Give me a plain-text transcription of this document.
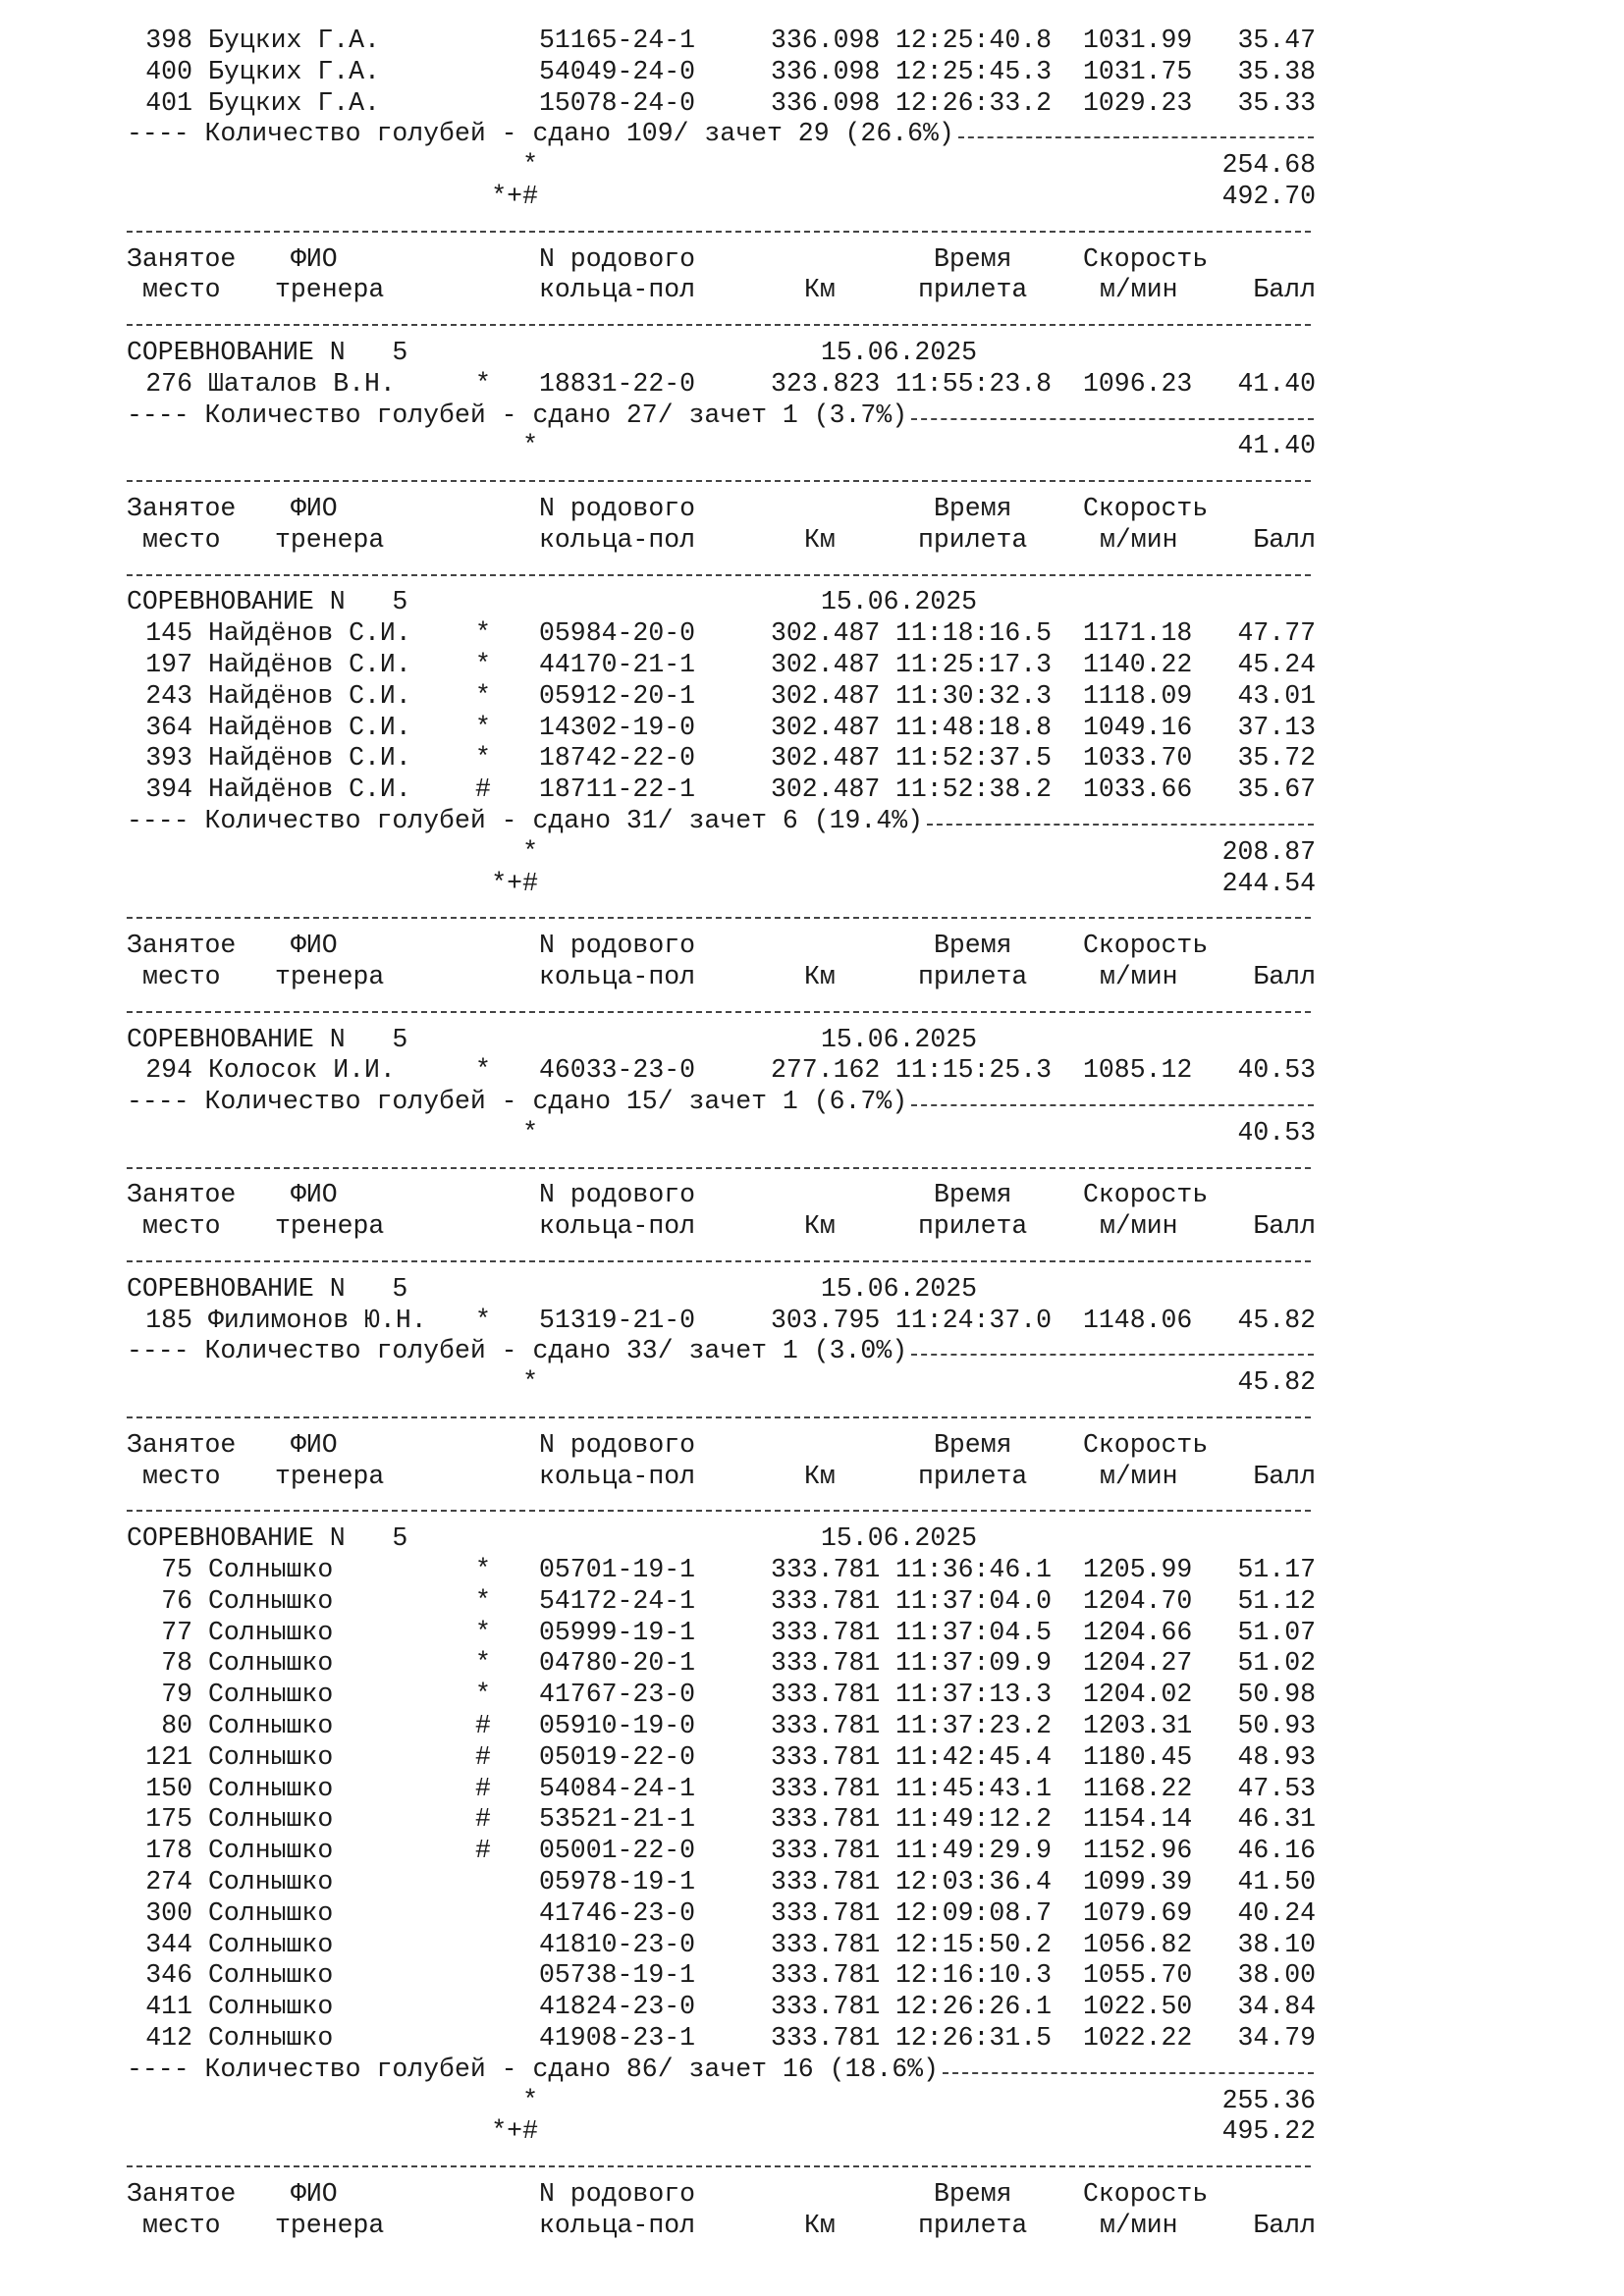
398 Буцких Г.А.	51165-24-1	336.098 12:25:40.8 1031.99 35.47
400 Буцких Г.А.	54049-24-0	336.098 12:25:45.3 1031.75 35.38
401 Буцких Г.А.	15078-24-0	336.098 12:26:33.2 1029.23 35.33
---- Количество голубей - сдано 109/ зачет 29 (26.6%)
*	254.68
*+#	492.70
Занятое ФИО	N родового	Время	Скорость
место тренера	кольца-пол	Км	прилета	м/мин	Балл
СОРЕВНОВАНИЕ N   5	15.06.2025
276 Шаталов В.Н.	* 18831-22-0	323.823 11:55:23.8 1096.23 41.40
---- Количество голубей - сдано 27/ зачет 1 (3.7%)
*	41.40
Занятое ФИО	N родового	Время	Скорость
место тренера	кольца-пол	Км	прилета	м/мин	Балл
СОРЕВНОВАНИЕ N   5	15.06.2025
145 Найдёнов С.И. * 05984-20-0	302.487 11:18:16.5 1171.18 47.77
197 Найдёнов С.И. * 44170-21-1	302.487 11:25:17.3 1140.22 45.24
243 Найдёнов С.И. * 05912-20-1	302.487 11:30:32.3 1118.09 43.01
364 Найдёнов С.И. * 14302-19-0	302.487 11:48:18.8 1049.16 37.13
393 Найдёнов С.И. * 18742-22-0	302.487 11:52:37.5 1033.70 35.72
394 Найдёнов С.И. # 18711-22-1	302.487 11:52:38.2 1033.66 35.67
---- Количество голубей - сдано 31/ зачет 6 (19.4%)
*	208.87
*+#	244.54
Занятое ФИО	N родового	Время	Скорость
место тренера	кольца-пол	Км	прилета	м/мин	Балл
СОРЕВНОВАНИЕ N   5	15.06.2025
294 Колосок И.И.	* 46033-23-0	277.162 11:15:25.3 1085.12 40.53
---- Количество голубей - сдано 15/ зачет 1 (6.7%)
*	40.53
Занятое ФИО	N родового	Время	Скорость
место тренера	кольца-пол	Км	прилета	м/мин	Балл
СОРЕВНОВАНИЕ N   5	15.06.2025
185 Филимонов Ю.Н. * 51319-21-0	303.795 11:24:37.0 1148.06 45.82
---- Количество голубей - сдано 33/ зачет 1 (3.0%)
*	45.82
Занятое ФИО	N родового	Время	Скорость
место тренера	кольца-пол	Км	прилета	м/мин	Балл
СОРЕВНОВАНИЕ N   5	15.06.2025
75 Солнышко	* 05701-19-1	333.781 11:36:46.1 1205.99 51.17
76 Солнышко	* 54172-24-1	333.781 11:37:04.0 1204.70 51.12
77 Солнышко	* 05999-19-1	333.781 11:37:04.5 1204.66 51.07
78 Солнышко	* 04780-20-1	333.781 11:37:09.9 1204.27 51.02
79 Солнышко	* 41767-23-0	333.781 11:37:13.3 1204.02 50.98
80 Солнышко	# 05910-19-0	333.781 11:37:23.2 1203.31 50.93
121 Солнышко	# 05019-22-0	333.781 11:42:45.4 1180.45 48.93
150 Солнышко	# 54084-24-1	333.781 11:45:43.1 1168.22 47.53
175 Солнышко	# 53521-21-1	333.781 11:49:12.2 1154.14 46.31
178 Солнышко	# 05001-22-0	333.781 11:49:29.9 1152.96 46.16
274 Солнышко	05978-19-1	333.781 12:03:36.4 1099.39 41.50
300 Солнышко	41746-23-0	333.781 12:09:08.7 1079.69 40.24
344 Солнышко	41810-23-0	333.781 12:15:50.2 1056.82 38.10
346 Солнышко	05738-19-1	333.781 12:16:10.3 1055.70 38.00
411 Солнышко	41824-23-0	333.781 12:26:26.1 1022.50 34.84
412 Солнышко	41908-23-1	333.781 12:26:31.5 1022.22 34.79
---- Количество голубей - сдано 86/ зачет 16 (18.6%)
*	255.36
*+#	495.22
Занятое ФИО	N родового	Время	Скорость
место тренера	кольца-пол	Км	прилета	м/мин	Балл
